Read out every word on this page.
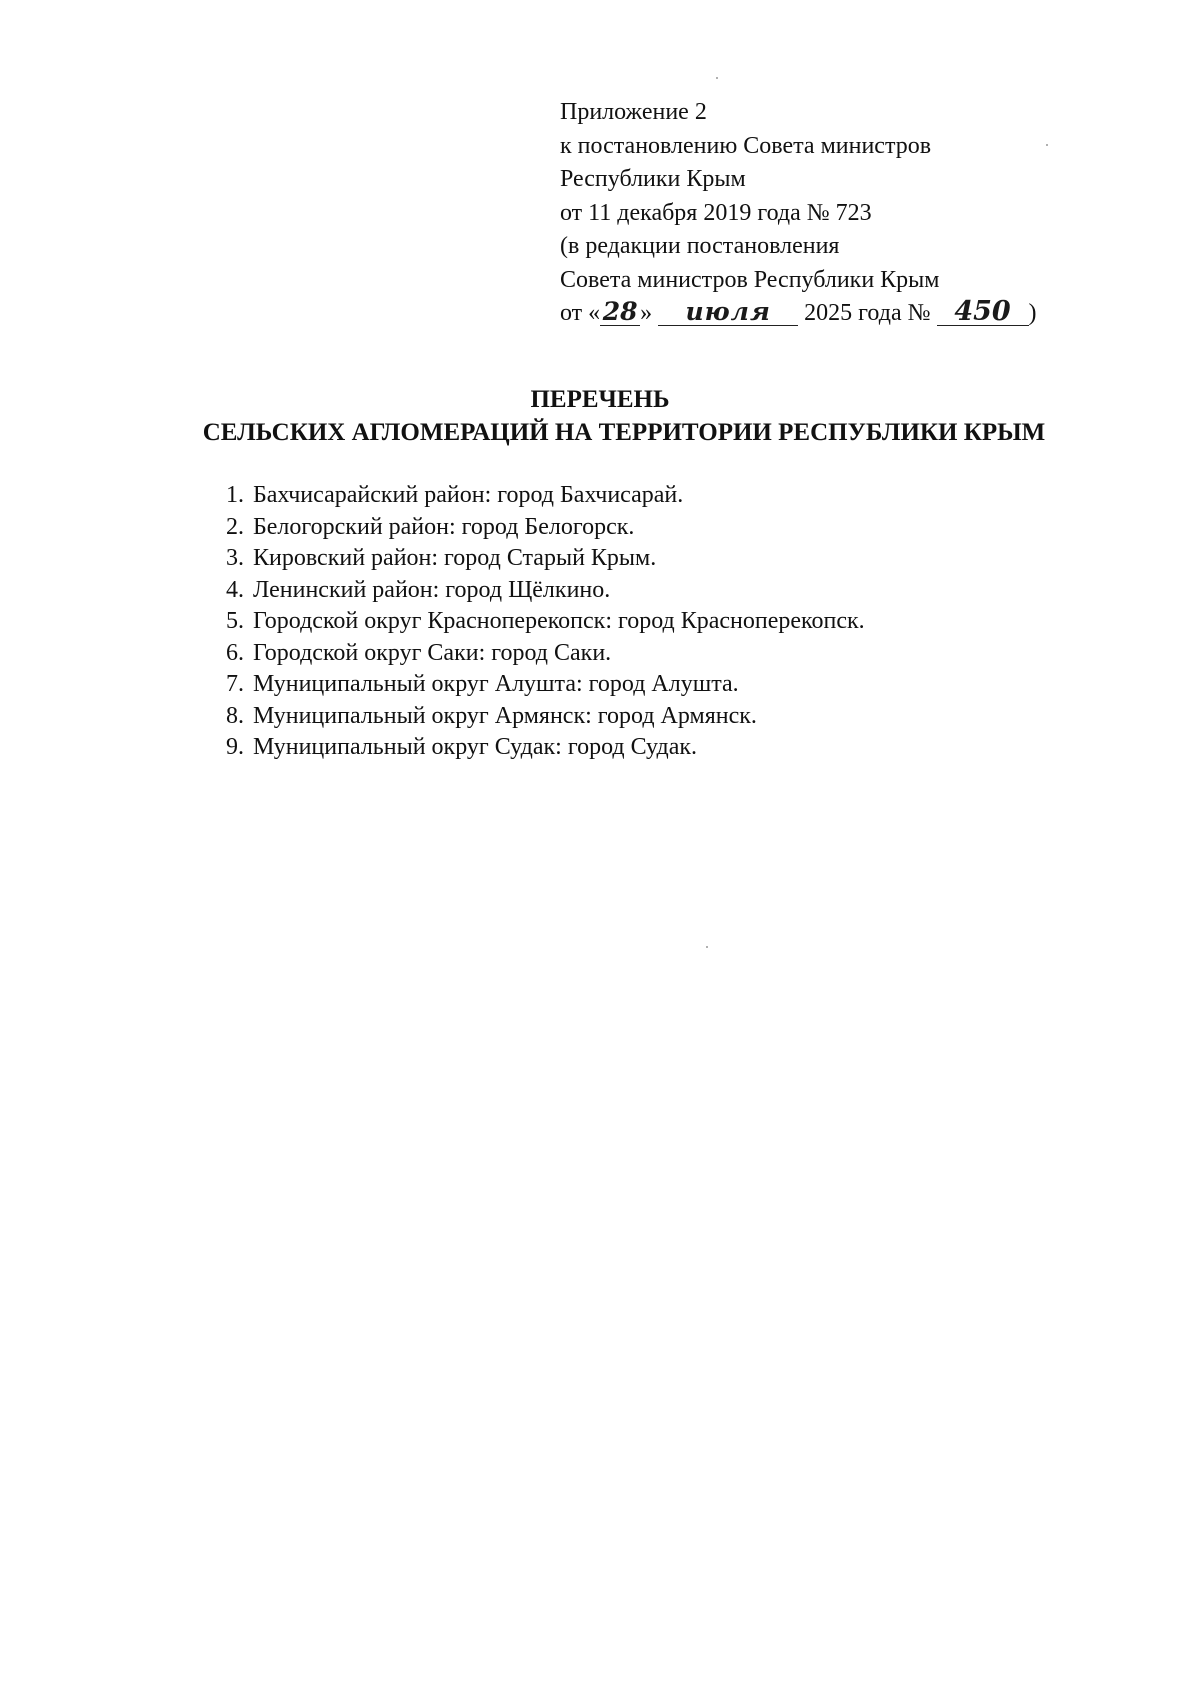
Приложение 2
к постановлению Совета министров
Республики Крым
от 11 декабря 2019 года № 723
(в редакции постановления
Совета министров Республики Крым
от « 28 » июля 2025 года № 450 )
ПЕРЕЧЕНЬ
СЕЛЬСКИХ АГЛОМЕРАЦИЙ НА ТЕРРИТОРИИ РЕСПУБЛИКИ КРЫМ
1. Бахчисарайский район: город Бахчисарай.
2. Белогорский район: город Белогорск.
3. Кировский район: город Старый Крым.
4. Ленинский район: город Щёлкино.
5. Городской округ Красноперекопск: город Красноперекопск.
6. Городской округ Саки: город Саки.
7. Муниципальный округ Алушта: город Алушта.
8. Муниципальный округ Армянск: город Армянск.
9. Муниципальный округ Судак: город Судак.
